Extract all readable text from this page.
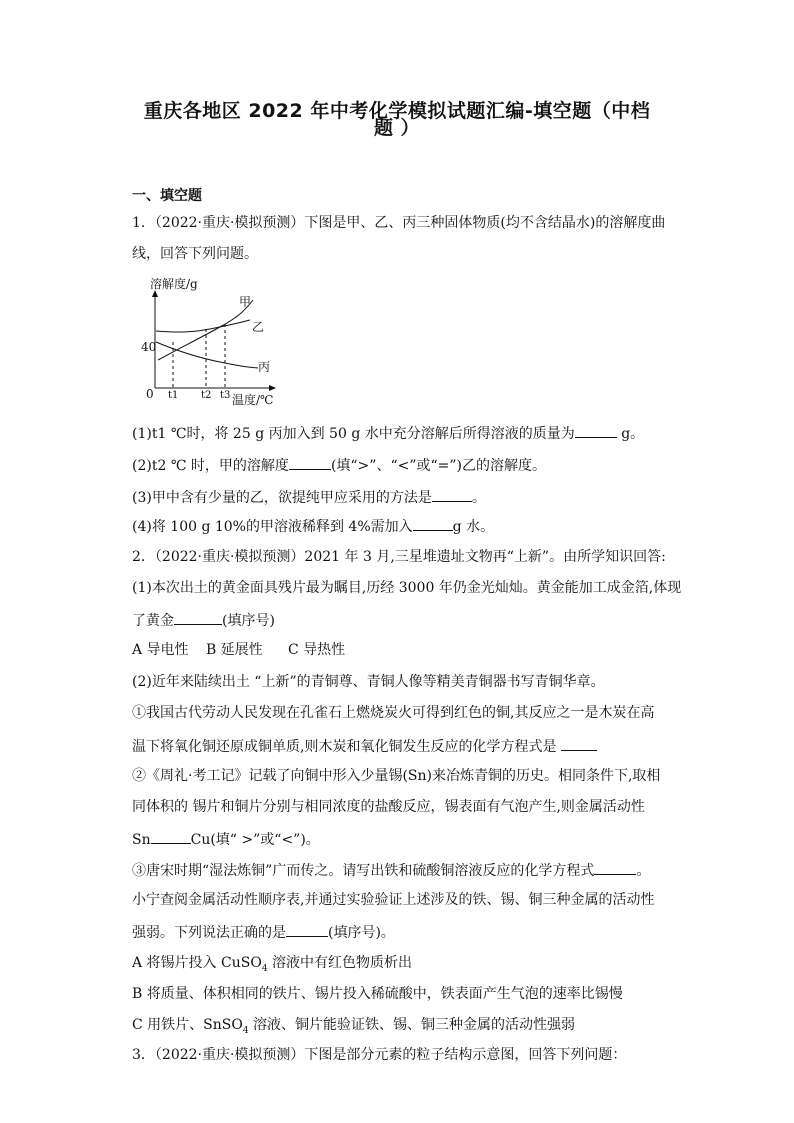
重庆各地区 2022 年中考化学模拟试题汇编-填空题（中档
题 ）
一、填空题
1．（2022·重庆·模拟预测）下图是甲、乙、丙三种固体物质(均不含结晶水)的溶解度曲
线，回答下列问题。
溶解度/g
40
0 t1 t2 t3 温度/℃
甲
乙
丙
(1)t1 ℃时，将 25 g 丙加入到 50 g 水中充分溶解后所得溶液的质量为	g。
(2)t2 ℃ 时，甲的溶解度	(填“>”、“<”或“=”)乙的溶解度。
(3)甲中含有少量的乙，欲提纯甲应采用的方法是	。
(4)将 100 g 10%的甲溶液稀释到 4%需加入	g 水。
2．（2022·重庆·模拟预测）2021 年 3 月,三星堆遗址文物再“上新”。由所学知识回答:
(1)本次出土的黄金面具残片最为瞩目,历经 3000 年仍金光灿灿。黄金能加工成金箔,体现
了黄金	(填序号)
A 导电性 B 延展性 C 导热性
(2)近年来陆续出土 “上新”的青铜尊、青铜人像等精美青铜器书写青铜华章。
①我国古代劳动人民发现在孔雀石上燃烧炭火可得到红色的铜,其反应之一是木炭在高
温下将氧化铜还原成铜单质,则木炭和氧化铜发生反应的化学方程式是
②《周礼·考工记》记载了向铜中形入少量锡(Sn)来冶炼青铜的历史。相同条件下,取相
同体积的 锡片和铜片分别与相同浓度的盐酸反应，锡表面有气泡产生,则金属活动性
Sn	Cu(填“ >”或“<”)。
③唐宋时期“湿法炼铜”广而传之。请写出铁和硫酸铜溶液反应的化学方程式	。
小宁查阅金属活动性顺序表,并通过实验验证上述涉及的铁、锡、铜三种金属的活动性
强弱。下列说法正确的是	(填序号)。
A 将锡片投入 CuSO$_4$ 溶液中有红色物质析出
B 将质量、体积相同的铁片、锡片投入稀硫酸中，铁表面产生气泡的速率比锡慢
C 用铁片、SnSO$_4$ 溶液、铜片能验证铁、锡、铜三种金属的活动性强弱
3．（2022·重庆·模拟预测）下图是部分元素的粒子结构示意图，回答下列问题：
